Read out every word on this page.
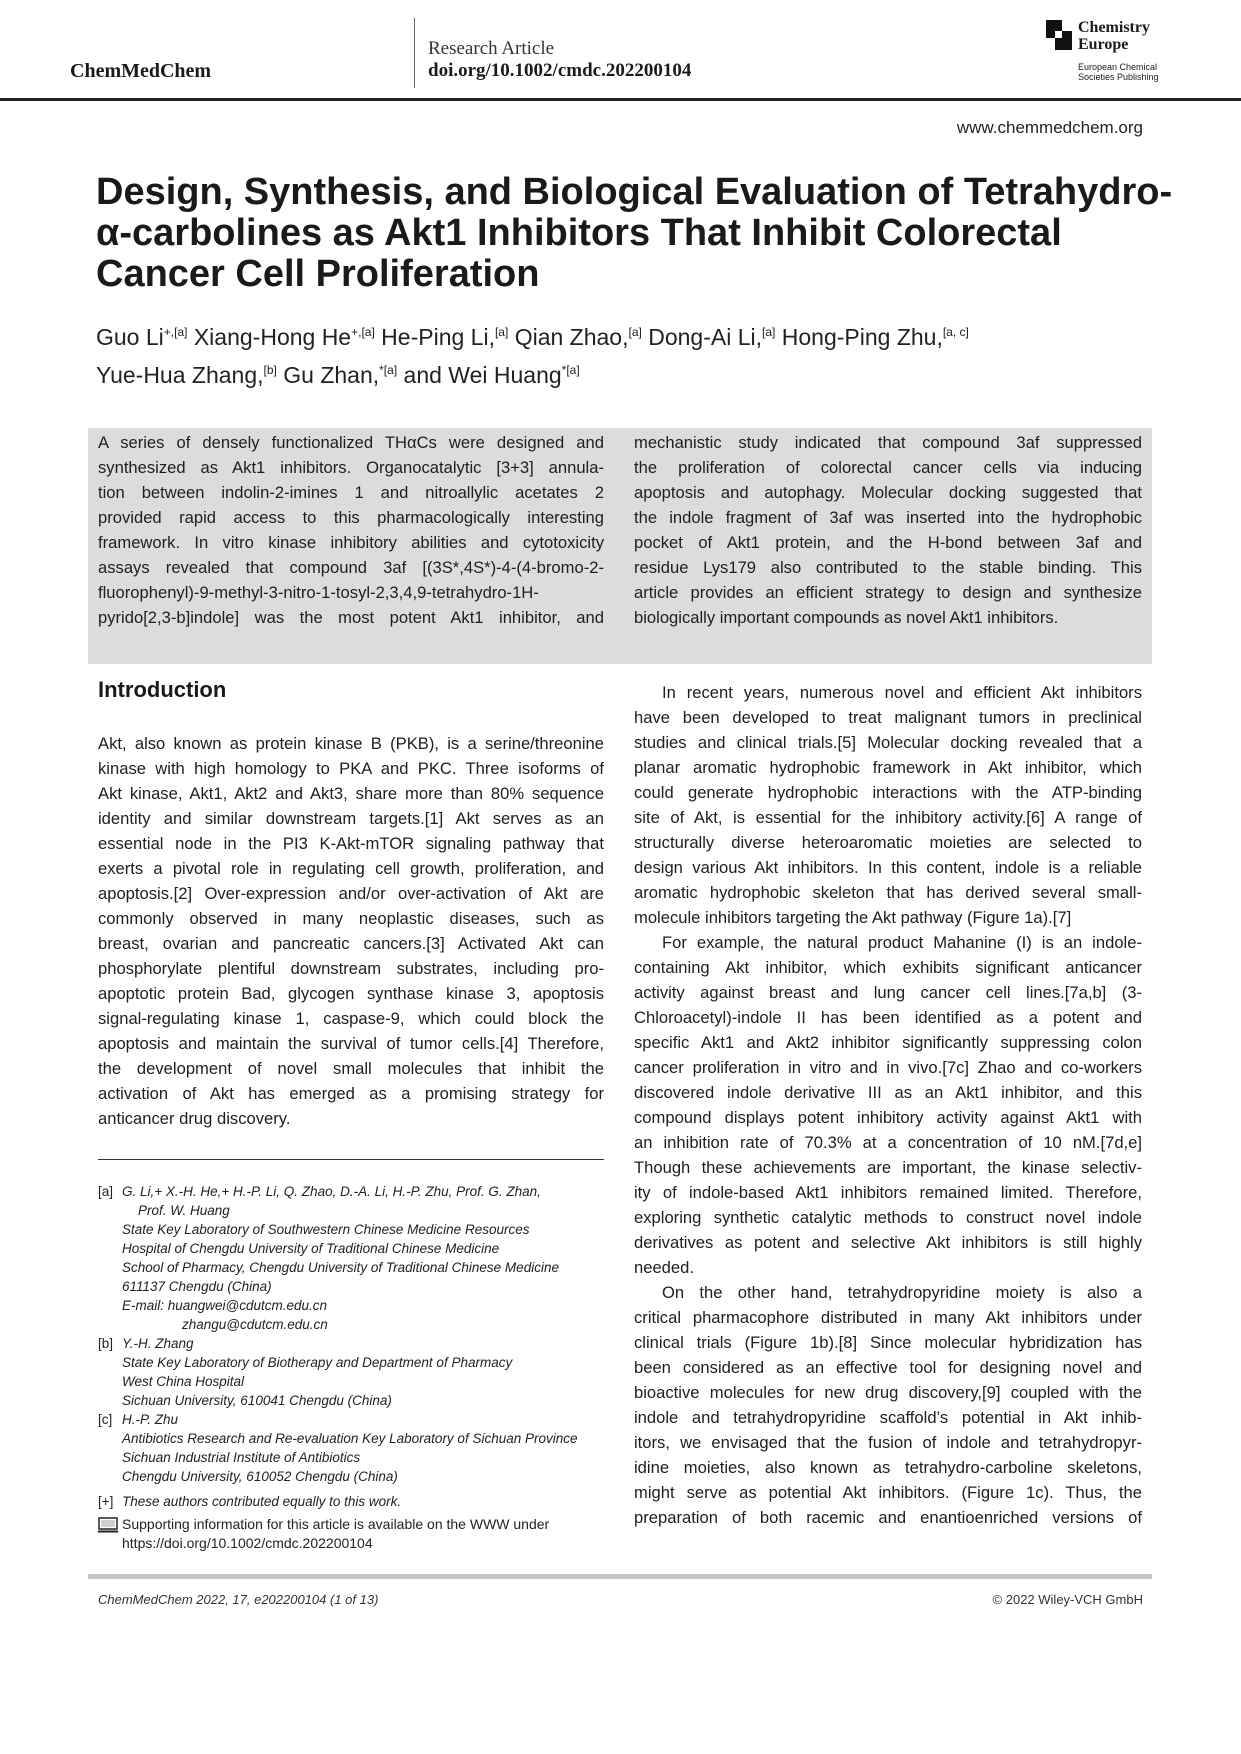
ChemMedChem
Research Article
doi.org/10.1002/cmdc.202200104
Chemistry
Europe
European Chemical
Societies Publishing
www.chemmedchem.org
Design, Synthesis, and Biological Evaluation of Tetrahydro-
α-carbolines as Akt1 Inhibitors That Inhibit Colorectal
Cancer Cell Proliferation
Guo Li$^{+,[a]}$ Xiang-Hong He$^{+,[a]}$ He-Ping Li,[a] Qian Zhao,[a] Dong-Ai Li,[a] Hong-Ping Zhu,[a, c]
Yue-Hua Zhang,[b] Gu Zhan,$^{*[a]}$ and Wei Huang$^{*[a]}$
A series of densely functionalized THαCs were designed and
synthesized as Akt1 inhibitors. Organocatalytic [3+3] annula-
tion between indolin-2-imines 1 and nitroallylic acetates 2
provided rapid access to this pharmacologically interesting
framework. In vitro kinase inhibitory abilities and cytotoxicity
assays revealed that compound 3af [(3S*,4S*)-4-(4-bromo-2-
fluorophenyl)-9-methyl-3-nitro-1-tosyl-2,3,4,9-tetrahydro-1H-
pyrido[2,3-b]indole] was the most potent Akt1 inhibitor, and
mechanistic study indicated that compound 3af suppressed
the proliferation of colorectal cancer cells via inducing
apoptosis and autophagy. Molecular docking suggested that
the indole fragment of 3af was inserted into the hydrophobic
pocket of Akt1 protein, and the H-bond between 3af and
residue Lys179 also contributed to the stable binding. This
article provides an efficient strategy to design and synthesize
biologically important compounds as novel Akt1 inhibitors.
Introduction
Akt, also known as protein kinase B (PKB), is a serine/threonine
kinase with high homology to PKA and PKC. Three isoforms of
Akt kinase, Akt1, Akt2 and Akt3, share more than 80% sequence
identity and similar downstream targets.[1] Akt serves as an
essential node in the PI3 K-Akt-mTOR signaling pathway that
exerts a pivotal role in regulating cell growth, proliferation, and
apoptosis.[2] Over-expression and/or over-activation of Akt are
commonly observed in many neoplastic diseases, such as
breast, ovarian and pancreatic cancers.[3] Activated Akt can
phosphorylate plentiful downstream substrates, including pro-
apoptotic protein Bad, glycogen synthase kinase 3, apoptosis
signal-regulating kinase 1, caspase-9, which could block the
apoptosis and maintain the survival of tumor cells.[4] Therefore,
the development of novel small molecules that inhibit the
activation of Akt has emerged as a promising strategy for
anticancer drug discovery.
In recent years, numerous novel and efficient Akt inhibitors
have been developed to treat malignant tumors in preclinical
studies and clinical trials.[5] Molecular docking revealed that a
planar aromatic hydrophobic framework in Akt inhibitor, which
could generate hydrophobic interactions with the ATP-binding
site of Akt, is essential for the inhibitory activity.[6] A range of
structurally diverse heteroaromatic moieties are selected to
design various Akt inhibitors. In this content, indole is a reliable
aromatic hydrophobic skeleton that has derived several small-
molecule inhibitors targeting the Akt pathway (Figure 1a).[7]
For example, the natural product Mahanine (I) is an indole-
containing Akt inhibitor, which exhibits significant anticancer
activity against breast and lung cancer cell lines.[7a,b] (3-
Chloroacetyl)-indole II has been identified as a potent and
specific Akt1 and Akt2 inhibitor significantly suppressing colon
cancer proliferation in vitro and in vivo.[7c] Zhao and co-workers
discovered indole derivative III as an Akt1 inhibitor, and this
compound displays potent inhibitory activity against Akt1 with
an inhibition rate of 70.3% at a concentration of 10 nM.[7d,e]
Though these achievements are important, the kinase selectiv-
ity of indole-based Akt1 inhibitors remained limited. Therefore,
exploring synthetic catalytic methods to construct novel indole
derivatives as potent and selective Akt inhibitors is still highly
needed.
On the other hand, tetrahydropyridine moiety is also a
critical pharmacophore distributed in many Akt inhibitors under
clinical trials (Figure 1b).[8] Since molecular hybridization has
been considered as an effective tool for designing novel and
bioactive molecules for new drug discovery,[9] coupled with the
indole and tetrahydropyridine scaffold’s potential in Akt inhib-
itors, we envisaged that the fusion of indole and tetrahydropyr-
idine moieties, also known as tetrahydro-carboline skeletons,
might serve as potential Akt inhibitors. (Figure 1c). Thus, the
preparation of both racemic and enantioenriched versions of
[a] G. Li,+ X.-H. He,+ H.-P. Li, Q. Zhao, D.-A. Li, H.-P. Zhu, Prof. G. Zhan,
Prof. W. Huang
State Key Laboratory of Southwestern Chinese Medicine Resources
Hospital of Chengdu University of Traditional Chinese Medicine
School of Pharmacy, Chengdu University of Traditional Chinese Medicine
611137 Chengdu (China)
E-mail: huangwei@cdutcm.edu.cn
zhangu@cdutcm.edu.cn
[b] Y.-H. Zhang
State Key Laboratory of Biotherapy and Department of Pharmacy
West China Hospital
Sichuan University, 610041 Chengdu (China)
[c] H.-P. Zhu
Antibiotics Research and Re-evaluation Key Laboratory of Sichuan Province
Sichuan Industrial Institute of Antibiotics
Chengdu University, 610052 Chengdu (China)
[+] These authors contributed equally to this work.
Supporting information for this article is available on the WWW under
https://doi.org/10.1002/cmdc.202200104
ChemMedChem 2022, 17, e202200104 (1 of 13)	© 2022 Wiley-VCH GmbH
